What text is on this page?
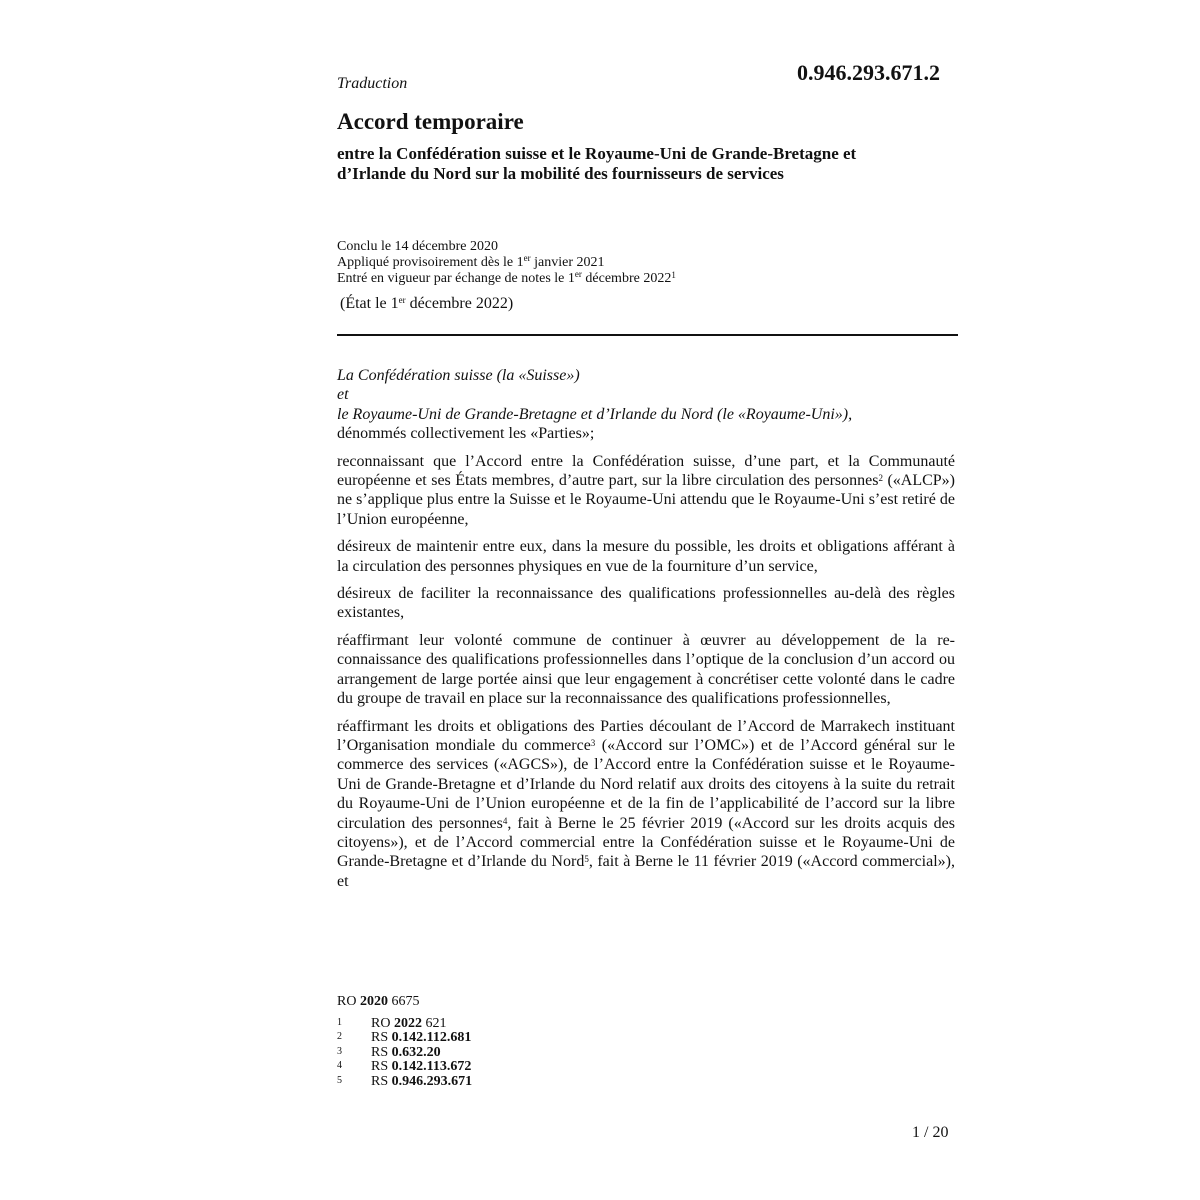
0.946.293.671.2
Traduction
Accord temporaire
entre la Confédération suisse et le Royaume-Uni de Grande-Bretagne et d’Irlande du Nord sur la mobilité des fournisseurs de services
Conclu le 14 décembre 2020
Appliqué provisoirement dès le 1er janvier 2021
Entré en vigueur par échange de notes le 1er décembre 2022$^1$
(État le 1er décembre 2022)

La Confédération suisse (la «Suisse»)
et
le Royaume-Uni de Grande-Bretagne et d’Irlande du Nord (le «Royaume-Uni»),
dénommés collectivement les «Parties»;

reconnaissant que l’Accord entre la Confédération suisse, d’une part, et la Communauté européenne et ses États membres, d’autre part, sur la libre circulation des personnes$^2$ («ALCP») ne s’applique plus entre la Suisse et le Royaume-Uni attendu que le Royaume-Uni s’est retiré de l’Union européenne,

désireux de maintenir entre eux, dans la mesure du possible, les droits et obligations afférant à la circulation des personnes physiques en vue de la fourniture d’un service,

désireux de faciliter la reconnaissance des qualifications professionnelles au-delà des règles existantes,

réaffirmant leur volonté commune de continuer à œuvrer au développement de la reconnaissance des qualifications professionnelles dans l’optique de la conclusion d’un accord ou arrangement de large portée ainsi que leur engagement à concrétiser cette volonté dans le cadre du groupe de travail en place sur la reconnaissance des qualifications professionnelles,

réaffirmant les droits et obligations des Parties découlant de l’Accord de Marrakech instituant l’Organisation mondiale du commerce$^3$ («Accord sur l’OMC») et de l’Accord général sur le commerce des services («AGCS»), de l’Accord entre la Confédération suisse et le Royaume-Uni de Grande-Bretagne et d’Irlande du Nord relatif aux droits des citoyens à la suite du retrait du Royaume-Uni de l’Union européenne et de la fin de l’applicabilité de l’accord sur la libre circulation des personnes$^4$, fait à Berne le 25 février 2019 («Accord sur les droits acquis des citoyens»), et de l’Accord commercial entre la Confédération suisse et le Royaume-Uni de Grande-Bretagne et d’Irlande du Nord$^5$, fait à Berne le 11 février 2019 («Accord commercial»), et

RO 2020 6675
1	RO 2022 621
2	RS 0.142.112.681
3	RS 0.632.20
4	RS 0.142.113.672
5	RS 0.946.293.671
1 / 20
